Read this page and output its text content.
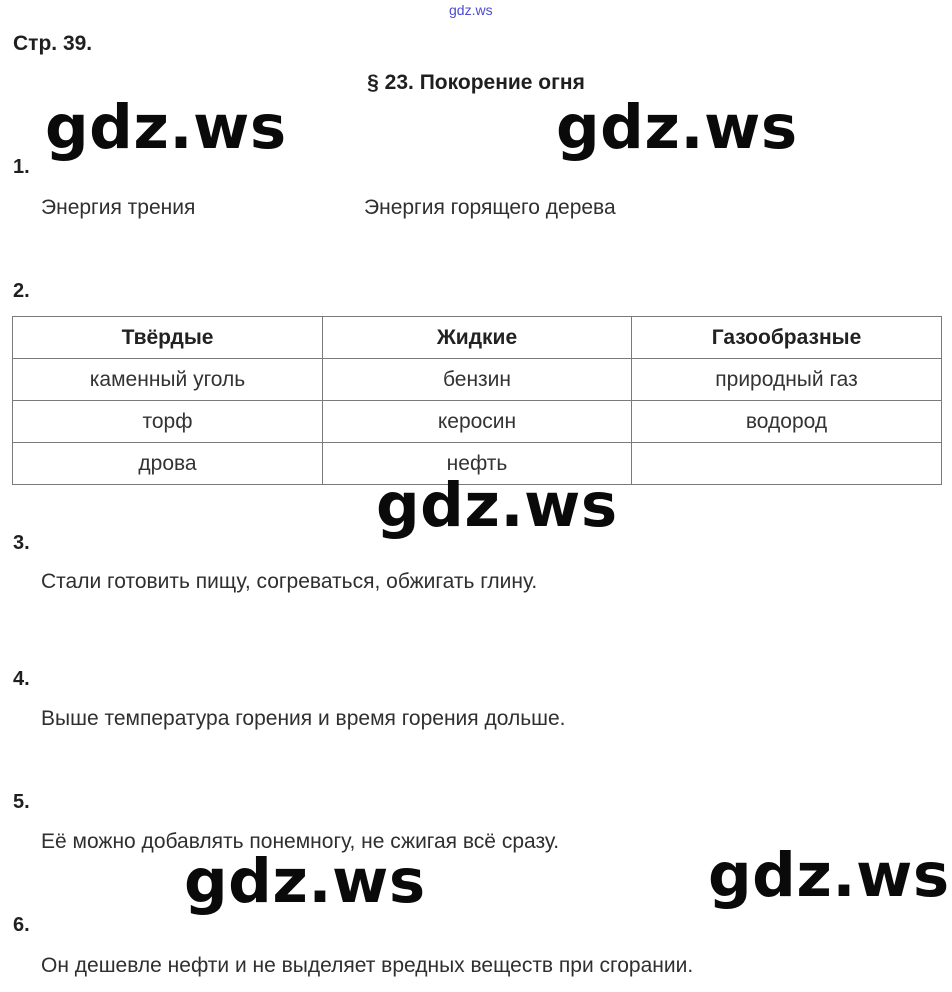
gdz.ws
Стр. 39.
§ 23. Покорение огня
1.
Энергия трения	Энергия горящего дерева
2.
Твёрдые	Жидкие	Газообразные
каменный уголь	бензин	природный газ
торф	керосин	водород
дрова	нефть	
3.
Стали готовить пищу, согреваться, обжигать глину.
4.
Выше температура горения и время горения дольше.
5.
Её можно добавлять понемногу, не сжигая всё сразу.
6.
Он дешевле нефти и не выделяет вредных веществ при сгорании.
gdz.ws	gdz.ws
gdz.ws
gdz.ws	gdz.ws
